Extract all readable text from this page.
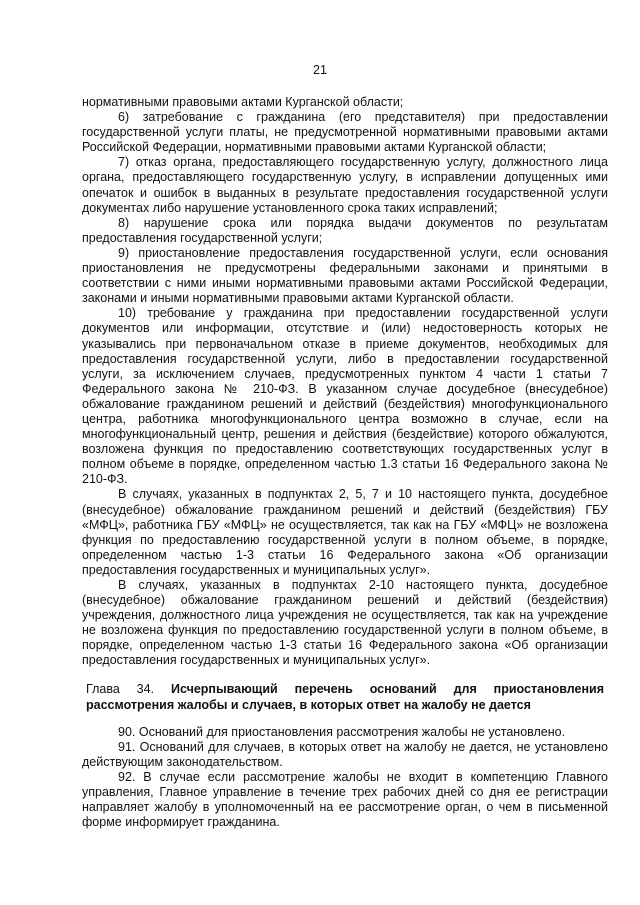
21

нормативными правовыми актами Курганской области;

6) затребование с гражданина (его представителя) при предоставлении государственной услуги платы, не предусмотренной нормативными правовыми актами Российской Федерации, нормативными правовыми актами Курганской области;

7) отказ органа, предоставляющего государственную услугу, должностного лица органа, предоставляющего государственную услугу, в исправлении допущенных ими опечаток и ошибок в выданных в результате предоставления государственной услуги документах либо нарушение установленного срока таких исправлений;

8) нарушение срока или порядка выдачи документов по результатам предоставления государственной услуги;

9) приостановление предоставления государственной услуги, если основания приостановления не предусмотрены федеральными законами и принятыми в соответствии с ними иными нормативными правовыми актами Российской Федерации, законами и иными нормативными правовыми актами Курганской области.

10) требование у гражданина при предоставлении государственной услуги документов или информации, отсутствие и (или) недостоверность которых не указывались при первоначальном отказе в приеме документов, необходимых для предоставления государственной услуги, либо в предоставлении государственной услуги, за исключением случаев, предусмотренных пунктом 4 части 1 статьи 7 Федерального закона № 210-ФЗ. В указанном случае досудебное (внесудебное) обжалование гражданином решений и действий (бездействия) многофункционального центра, работника многофункционального центра возможно в случае, если на многофункциональный центр, решения и действия (бездействие) которого обжалуются, возложена функция по предоставлению соответствующих государственных услуг в полном объеме в порядке, определенном частью 1.3 статьи 16 Федерального закона № 210-ФЗ.

В случаях, указанных в подпунктах 2, 5, 7 и 10 настоящего пункта, досудебное (внесудебное) обжалование гражданином решений и действий (бездействия) ГБУ «МФЦ», работника ГБУ «МФЦ» не осуществляется, так как на ГБУ «МФЦ» не возложена функция по предоставлению государственной услуги в полном объеме, в порядке, определенном частью 1-3 статьи 16 Федерального закона «Об организации предоставления государственных и муниципальных услуг».

В случаях, указанных в подпунктах 2-10 настоящего пункта, досудебное (внесудебное) обжалование гражданином решений и действий (бездействия) учреждения, должностного лица учреждения не осуществляется, так как на учреждение не возложена функция по предоставлению государственной услуги в полном объеме, в порядке, определенном частью 1-3 статьи 16 Федерального закона «Об организации предоставления государственных и муниципальных услуг».

Глава 34. Исчерпывающий перечень оснований для приостановления рассмотрения жалобы и случаев, в которых ответ на жалобу не дается

90. Оснований для приостановления рассмотрения жалобы не установлено.

91. Оснований для случаев, в которых ответ на жалобу не дается, не установлено действующим законодательством.

92. В случае если рассмотрение жалобы не входит в компетенцию Главного управления, Главное управление в течение трех рабочих дней со дня ее регистрации направляет жалобу в уполномоченный на ее рассмотрение орган, о чем в письменной форме информирует гражданина.
